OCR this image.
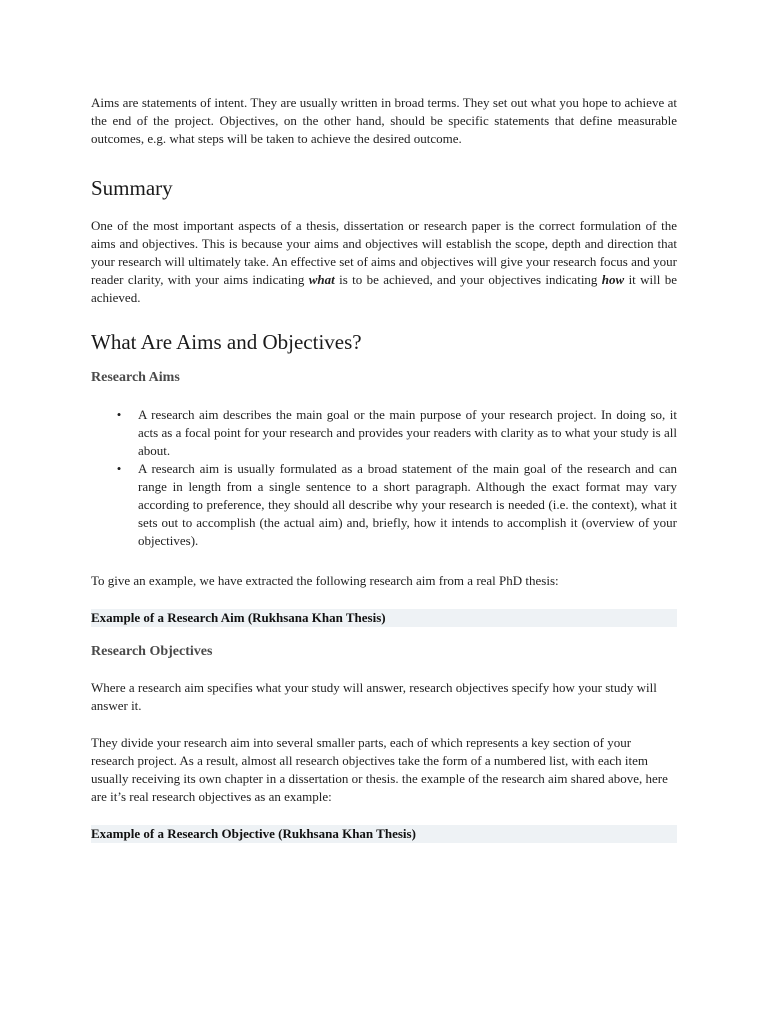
Aims are statements of intent. They are usually written in broad terms. They set out what you hope to achieve at the end of the project. Objectives, on the other hand, should be specific statements that define measurable outcomes, e.g. what steps will be taken to achieve the desired outcome.

Summary

One of the most important aspects of a thesis, dissertation or research paper is the correct formulation of the aims and objectives. This is because your aims and objectives will establish the scope, depth and direction that your research will ultimately take. An effective set of aims and objectives will give your research focus and your reader clarity, with your aims indicating what is to be achieved, and your objectives indicating how it will be achieved.

What Are Aims and Objectives?
Research Aims
• A research aim describes the main goal or the main purpose of your research project. In doing so, it acts as a focal point for your research and provides your readers with clarity as to what your study is all about.
• A research aim is usually formulated as a broad statement of the main goal of the research and can range in length from a single sentence to a short paragraph. Although the exact format may vary according to preference, they should all describe why your research is needed (i.e. the context), what it sets out to accomplish (the actual aim) and, briefly, how it intends to accomplish it (overview of your objectives).

To give an example, we have extracted the following research aim from a real PhD thesis:

Example of a Research Aim (Rukhsana Khan Thesis)
Research Objectives

Where a research aim specifies what your study will answer, research objectives specify how your study will answer it.

They divide your research aim into several smaller parts, each of which represents a key section of your research project. As a result, almost all research objectives take the form of a numbered list, with each item usually receiving its own chapter in a dissertation or thesis. the example of the research aim shared above, here are it’s real research objectives as an example:

Example of a Research Objective (Rukhsana Khan Thesis)
